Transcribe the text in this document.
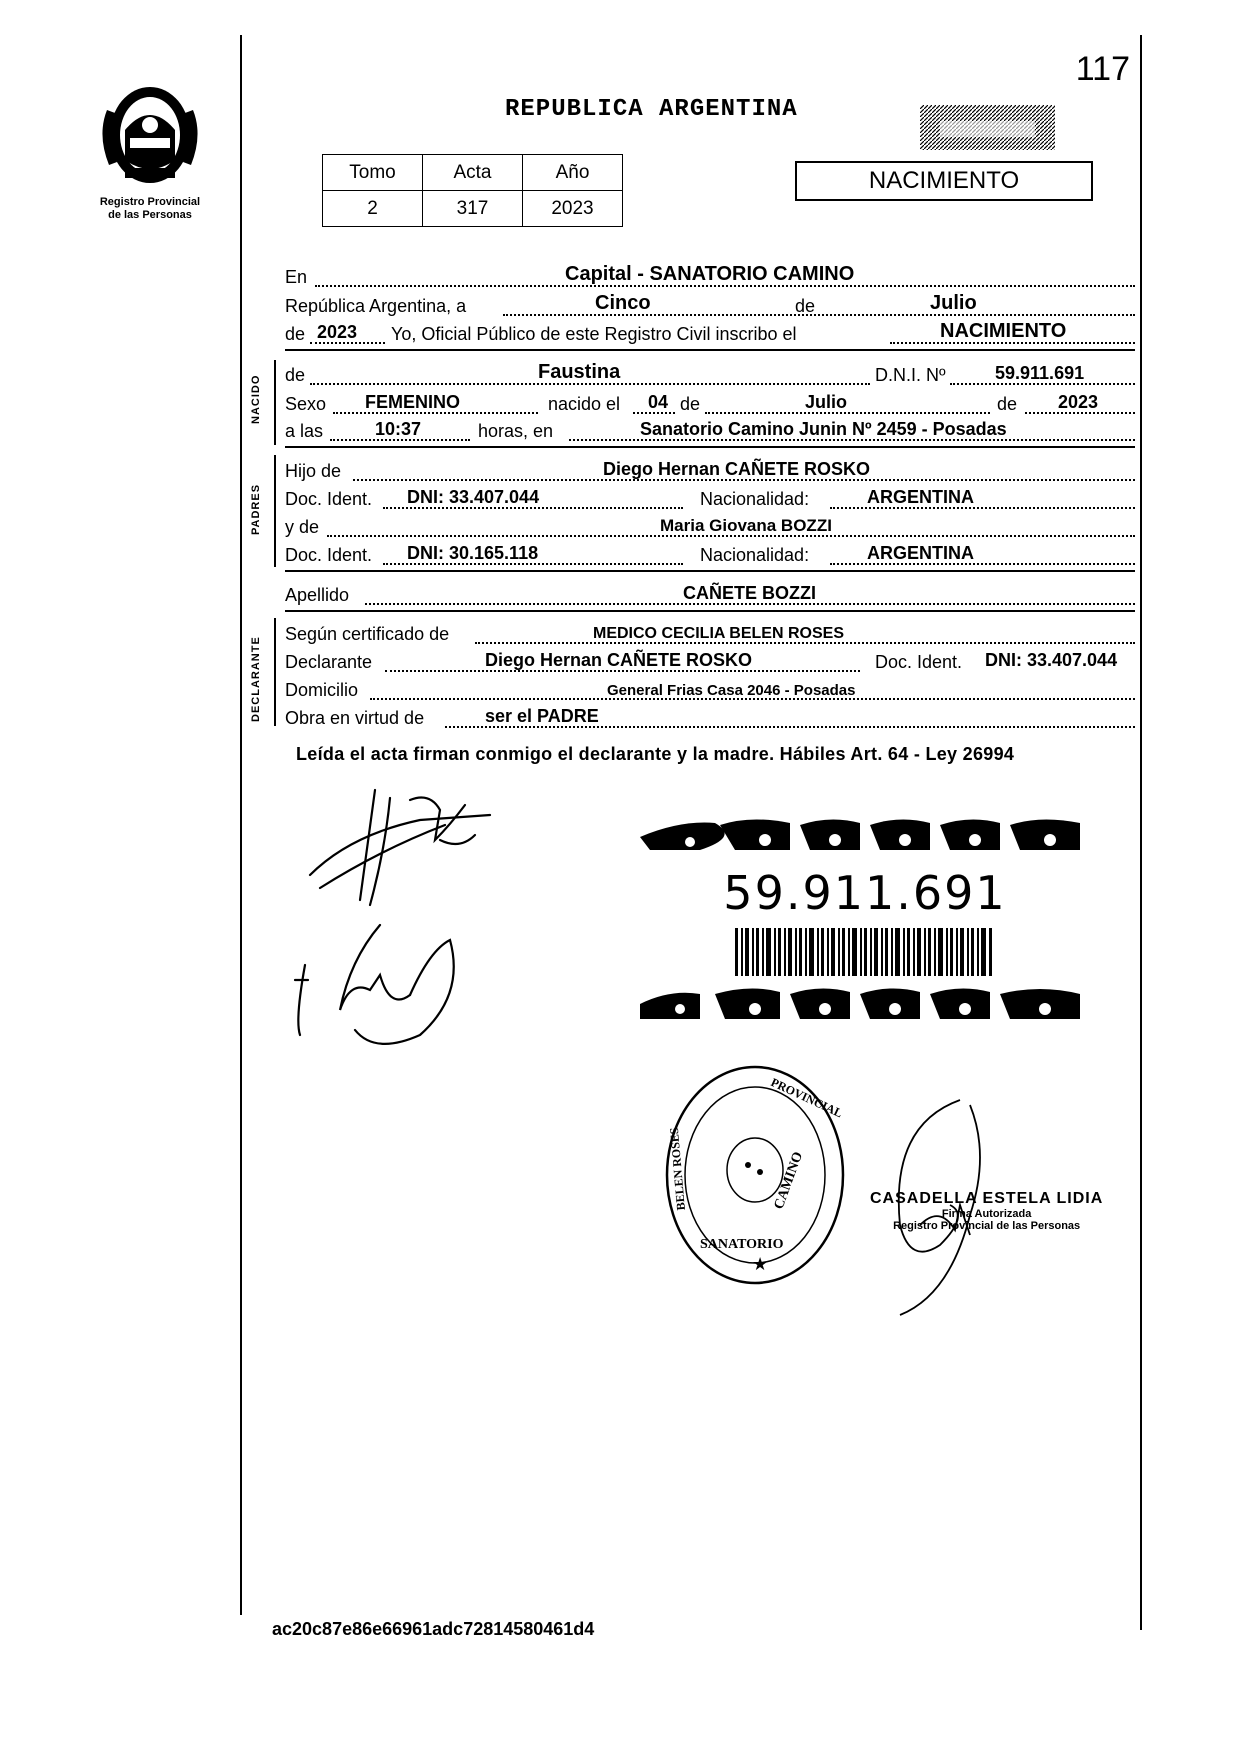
117
Registro Provincial
de las Personas
REPUBLICA ARGENTINA
Tomo	Acta	Año
2	317	2023
NACIMIENTO
En	Capital - SANATORIO CAMINO
República Argentina, a	Cinco	de	Julio
de 2023 Yo, Oficial Público de este Registro Civil inscribo el	NACIMIENTO
NACIDO de	Faustina	D.N.I. Nº	59.911.691
Sexo FEMENINO	nacido el 04 de	Julio	de 2023
a las	10:37	horas, en	Sanatorio Camino Junin Nº 2459 - Posadas
PADRES
Hijo de	Diego Hernan CAÑETE ROSKO
Doc. Ident. DNI: 33.407.044	Nacionalidad:	ARGENTINA
y de	Maria Giovana BOZZI
Doc. Ident. DNI: 30.165.118	Nacionalidad:	ARGENTINA
Apellido	CAÑETE BOZZI
DECLARANTE
Según certificado de	MEDICO CECILIA BELEN ROSES
Declarante	Diego Hernan CAÑETE ROSKO	Doc. Ident. DNI: 33.407.044
Domicilio	General Frias Casa 2046 - Posadas
Obra en virtud de	ser el PADRE
Leída el acta firman conmigo el declarante y la madre. Hábiles Art. 64 - Ley 26994
59.911.691
SANATORIO
CAMINO
★
BELEN ROSES
PROVINCIAL
CASADELLA ESTELA LIDIA
Firma Autorizada
Registro Provincial de las Personas
ac20c87e86e66961adc72814580461d4
